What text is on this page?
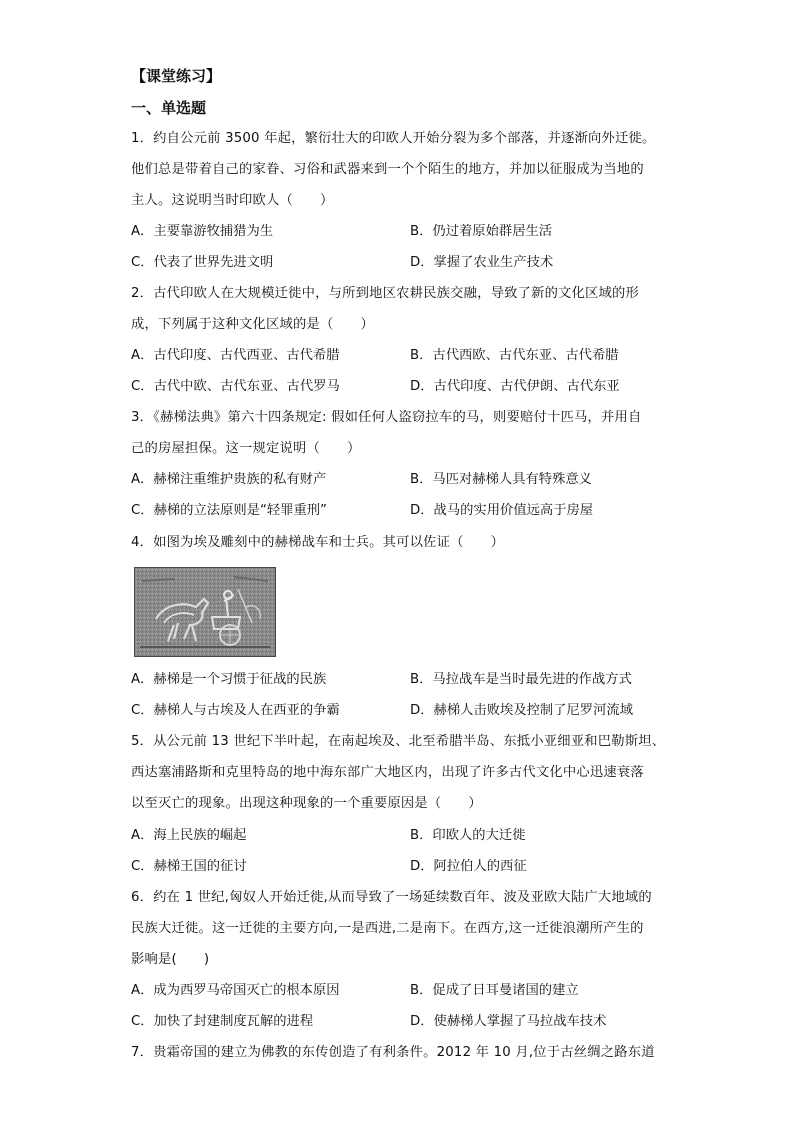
【课堂练习】
一、单选题
1．约自公元前 3500 年起，繁衍壮大的印欧人开始分裂为多个部落，并逐渐向外迁徙。
他们总是带着自己的家眷、习俗和武器来到一个个陌生的地方，并加以征服成为当地的
主人。这说明当时印欧人（　　）
A．主要靠游牧捕猎为生	B．仍过着原始群居生活
C．代表了世界先进文明	D．掌握了农业生产技术
2．古代印欧人在大规模迁徙中，与所到地区农耕民族交融，导致了新的文化区域的形
成，下列属于这种文化区域的是（　　）
A．古代印度、古代西亚、古代希腊	B．古代西欧、古代东亚、古代希腊
C．古代中欧、古代东亚、古代罗马	D．古代印度、古代伊朗、古代东亚
3．《赫梯法典》第六十四条规定: 假如任何人盗窃拉车的马，则要赔付十匹马，并用自
己的房屋担保。这一规定说明（　　）
A．赫梯注重维护贵族的私有财产	B．马匹对赫梯人具有特殊意义
C．赫梯的立法原则是“轻罪重刑”	D．战马的实用价值远高于房屋
4．如图为埃及雕刻中的赫梯战车和士兵。其可以佐证（　　）
A．赫梯是一个习惯于征战的民族	B．马拉战车是当时最先进的作战方式
C．赫梯人与古埃及人在西亚的争霸	D．赫梯人击败埃及控制了尼罗河流域
5．从公元前 13 世纪下半叶起，在南起埃及、北至希腊半岛、东抵小亚细亚和巴勒斯坦、
西达塞浦路斯和克里特岛的地中海东部广大地区内，出现了许多古代文化中心迅速衰落
以至灭亡的现象。出现这种现象的一个重要原因是（　　）
A．海上民族的崛起	B．印欧人的大迁徙
C．赫梯王国的征讨	D．阿拉伯人的西征
6．约在 1 世纪,匈奴人开始迁徙,从而导致了一场延续数百年、波及亚欧大陆广大地域的
民族大迁徙。这一迁徙的主要方向,一是西进,二是南下。在西方,这一迁徙浪潮所产生的
影响是(　　)
A．成为西罗马帝国灭亡的根本原因	B．促成了日耳曼诸国的建立
C．加快了封建制度瓦解的进程	D．使赫梯人掌握了马拉战车技术
7．贵霜帝国的建立为佛教的东传创造了有利条件。2012 年 10 月,位于古丝绸之路东道
